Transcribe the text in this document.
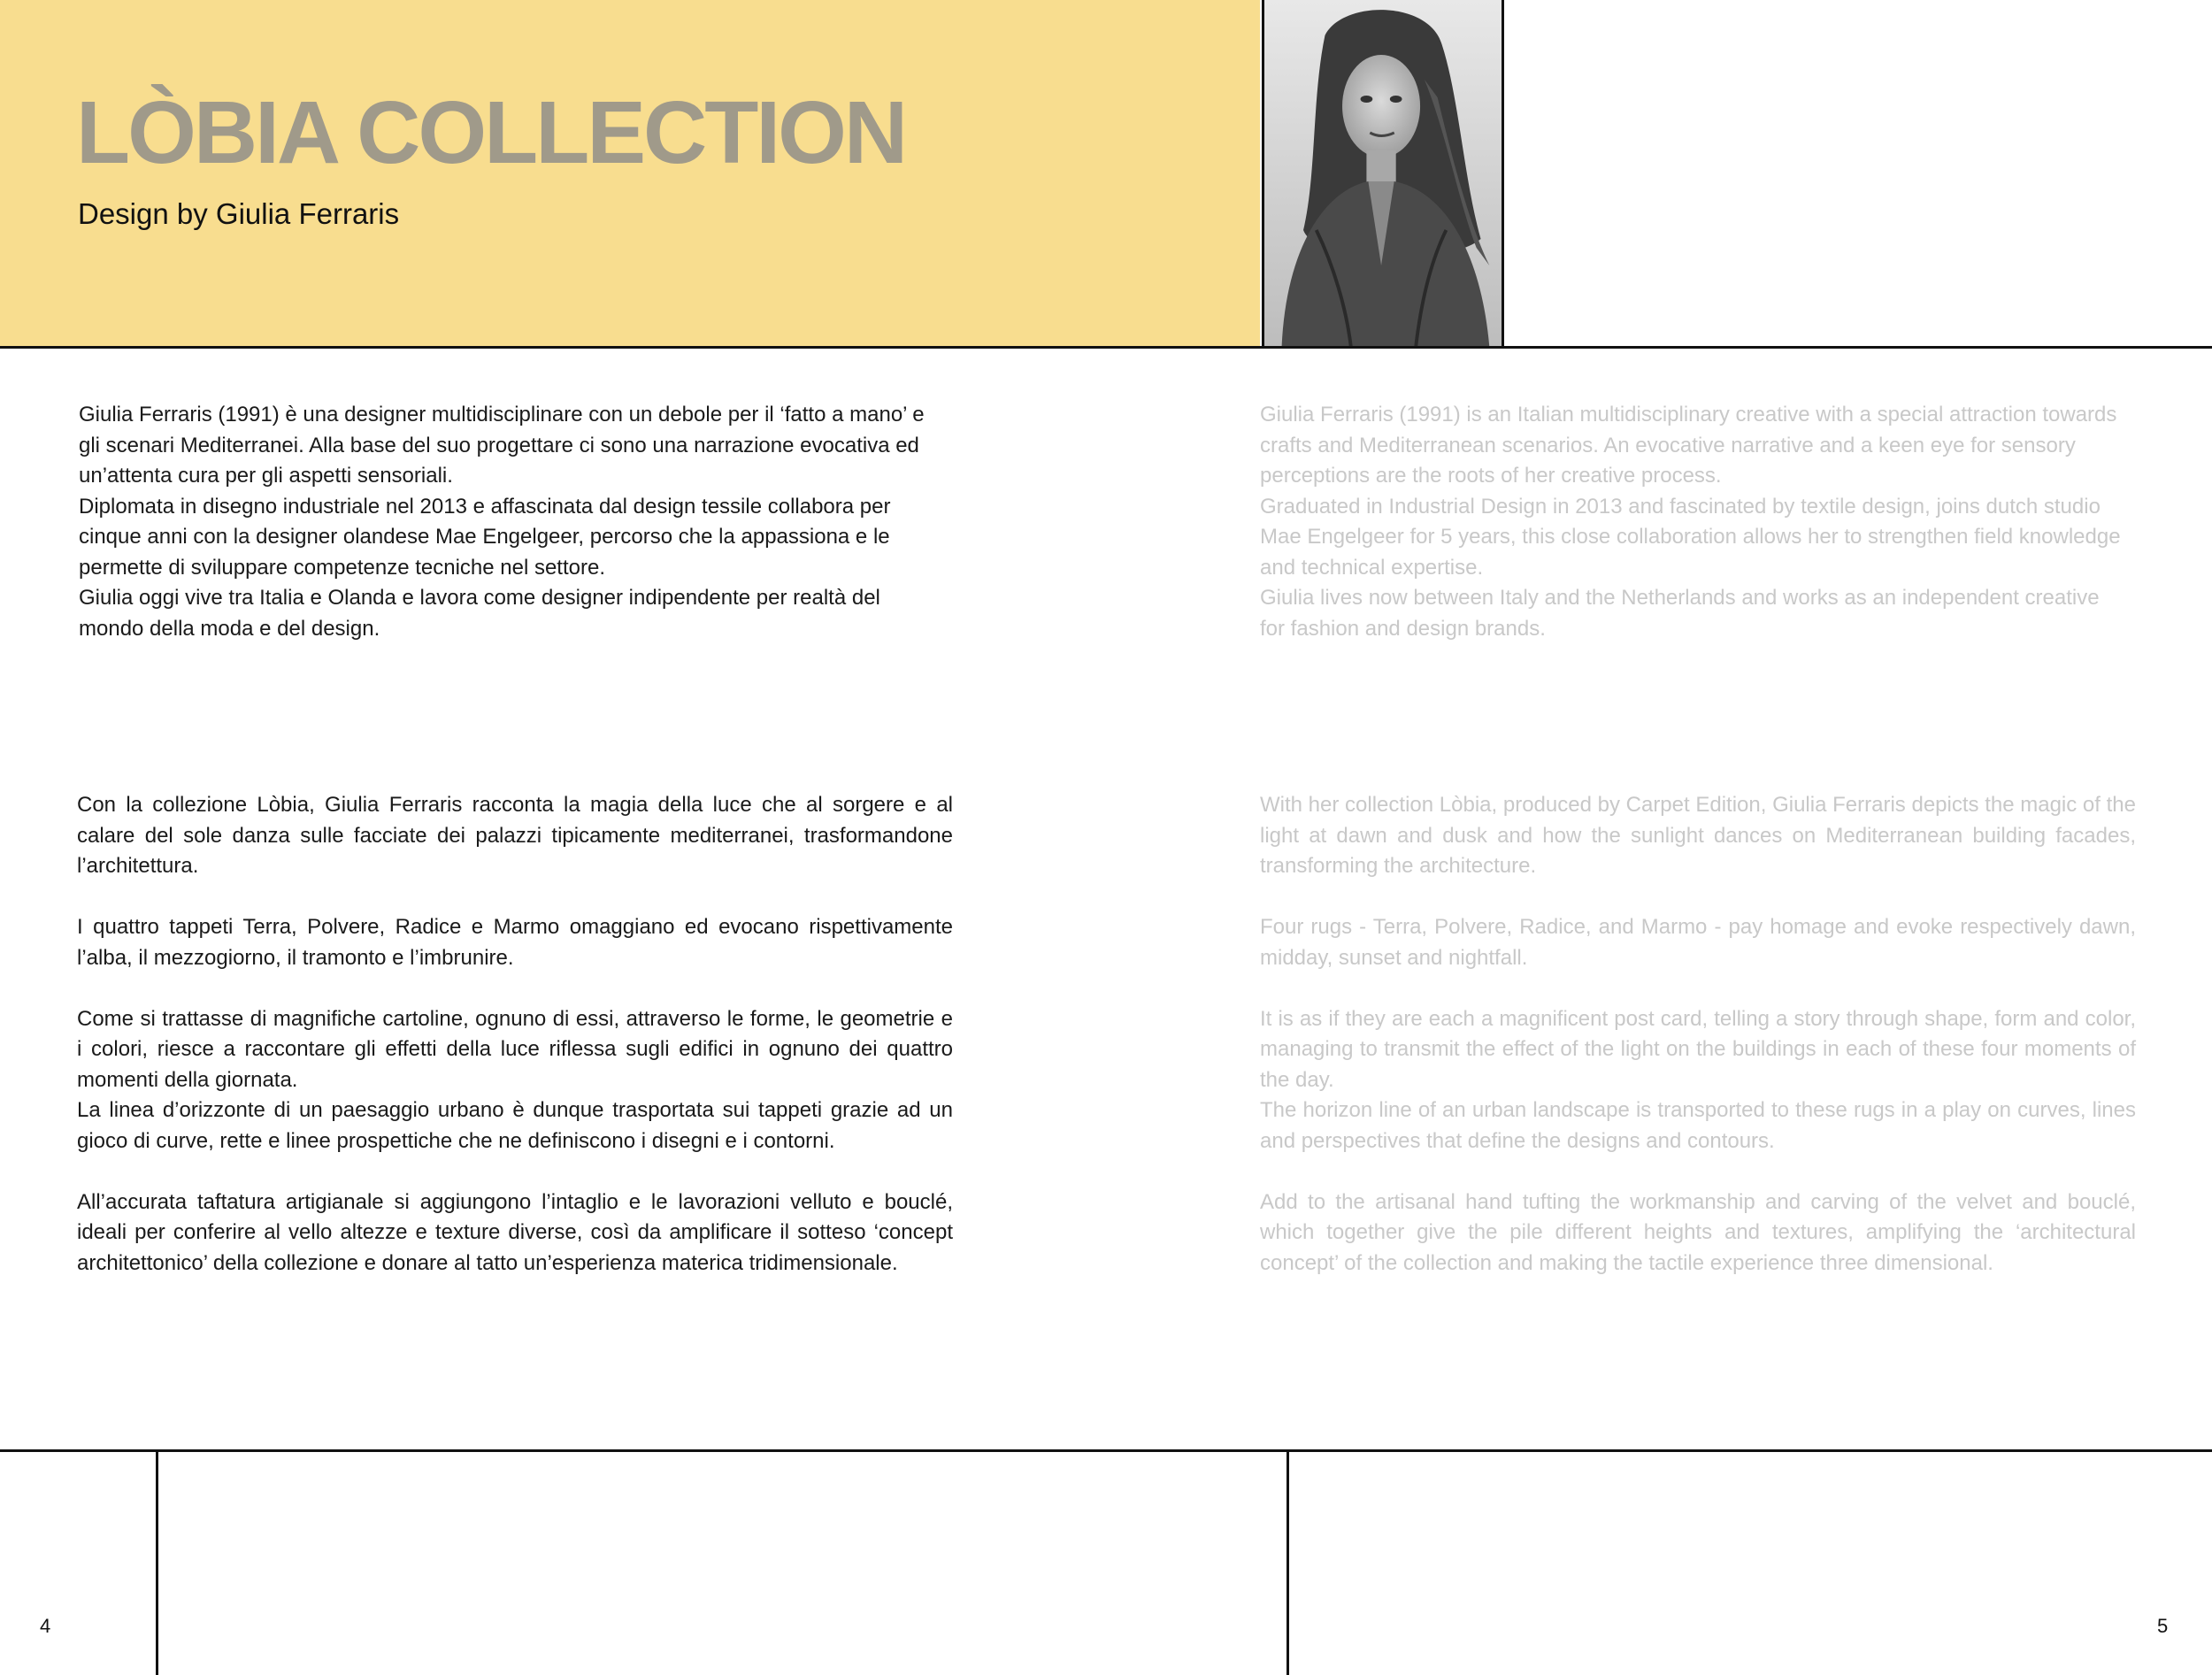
LÒBIA COLLECTION

Design by Giulia Ferraris

Giulia Ferraris (1991) è una designer multidisciplinare con un debole per il ‘fatto a mano’ e
gli scenari Mediterranei. Alla base del suo progettare ci sono una narrazione evocativa ed
un’attenta cura per gli aspetti sensoriali.
Diplomata in disegno industriale nel 2013 e affascinata dal design tessile collabora per
cinque anni con la designer olandese Mae Engelgeer, percorso che la appassiona e le
permette di sviluppare competenze tecniche nel settore.
Giulia oggi vive tra Italia e Olanda e lavora come designer indipendente per realtà del
mondo della moda e del design.

Giulia Ferraris (1991) is an Italian multidisciplinary creative with a special attraction towards
crafts and Mediterranean scenarios. An evocative narrative and a keen eye for sensory
perceptions are the roots of her creative process.
Graduated in Industrial Design in 2013 and fascinated by textile design, joins dutch studio
Mae Engelgeer for 5 years, this close collaboration allows her to strengthen field knowledge
and technical expertise.
Giulia lives now between Italy and the Netherlands and works as an independent creative
for fashion and design brands.

Con la collezione Lòbia, Giulia Ferraris racconta la magia della luce che al sorgere e al calare del sole danza sulle facciate dei palazzi tipicamente mediterranei, trasformandone l’architettura.

I quattro tappeti Terra, Polvere, Radice e Marmo omaggiano ed evocano rispettivamente l’alba, il mezzogiorno, il tramonto e l’imbrunire.

Come si trattasse di magnifiche cartoline, ognuno di essi, attraverso le forme, le geometrie e i colori, riesce a raccontare gli effetti della luce riflessa sugli edifici in ognuno dei quattro momenti della giornata.
La linea d’orizzonte di un paesaggio urbano è dunque trasportata sui tappeti grazie ad un gioco di curve, rette e linee prospettiche che ne definiscono i disegni e i contorni.

All’accurata taftatura artigianale si aggiungono l’intaglio e le lavorazioni velluto e bouclé, ideali per conferire al vello altezze e texture diverse, così da amplificare il sotteso ‘concept architettonico’ della collezione e donare al tatto un’esperienza materica tridimensionale.

With her collection Lòbia, produced by Carpet Edition, Giulia Ferraris depicts the magic of the light at dawn and dusk and how the sunlight dances on Mediterranean building facades, transforming the architecture.

Four rugs - Terra, Polvere, Radice, and Marmo - pay homage and evoke respectively dawn, midday, sunset and nightfall.

It is as if they are each a magnificent post card, telling a story through shape, form and color, managing to transmit the effect of the light on the buildings in each of these four moments of the day.
The horizon line of an urban landscape is transported to these rugs in a play on curves, lines and perspectives that define the designs and contours.

Add to the artisanal hand tufting the workmanship and carving of the velvet and bouclé, which together give the pile different heights and textures, amplifying the ‘architectural concept’ of the collection and making the tactile experience three dimensional.

4	5
